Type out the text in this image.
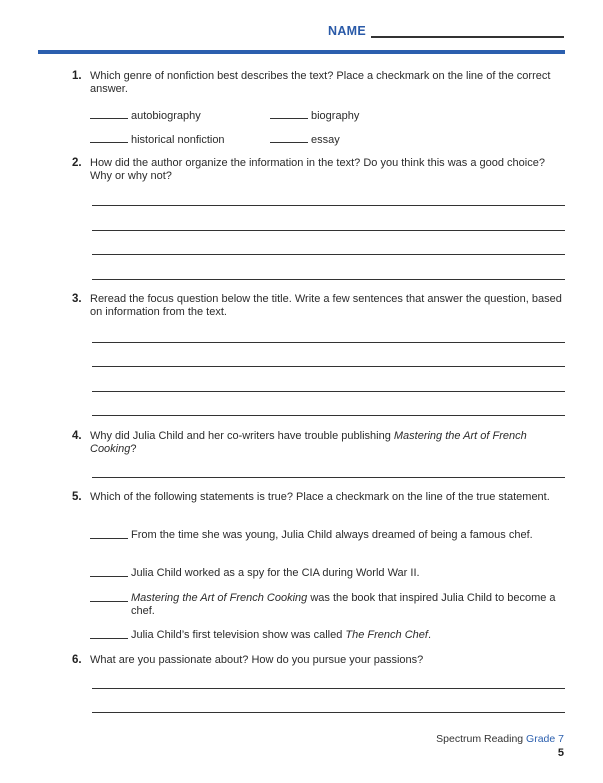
NAME
1. Which genre of nonfiction best describes the text? Place a checkmark on the line of the correct answer.
autobiography	biography
historical nonfiction	essay
2. How did the author organize the information in the text? Do you think this was a good choice? Why or why not?
3. Reread the focus question below the title. Write a few sentences that answer the question, based on information from the text.
4. Why did Julia Child and her co-writers have trouble publishing Mastering the Art of French Cooking?
5. Which of the following statements is true? Place a checkmark on the line of the true statement.
From the time she was young, Julia Child always dreamed of being a famous chef.
Julia Child worked as a spy for the CIA during World War II.
Mastering the Art of French Cooking was the book that inspired Julia Child to become a chef.
Julia Child’s first television show was called The French Chef.
6. What are you passionate about? How do you pursue your passions?
Spectrum Reading Grade 7
5
